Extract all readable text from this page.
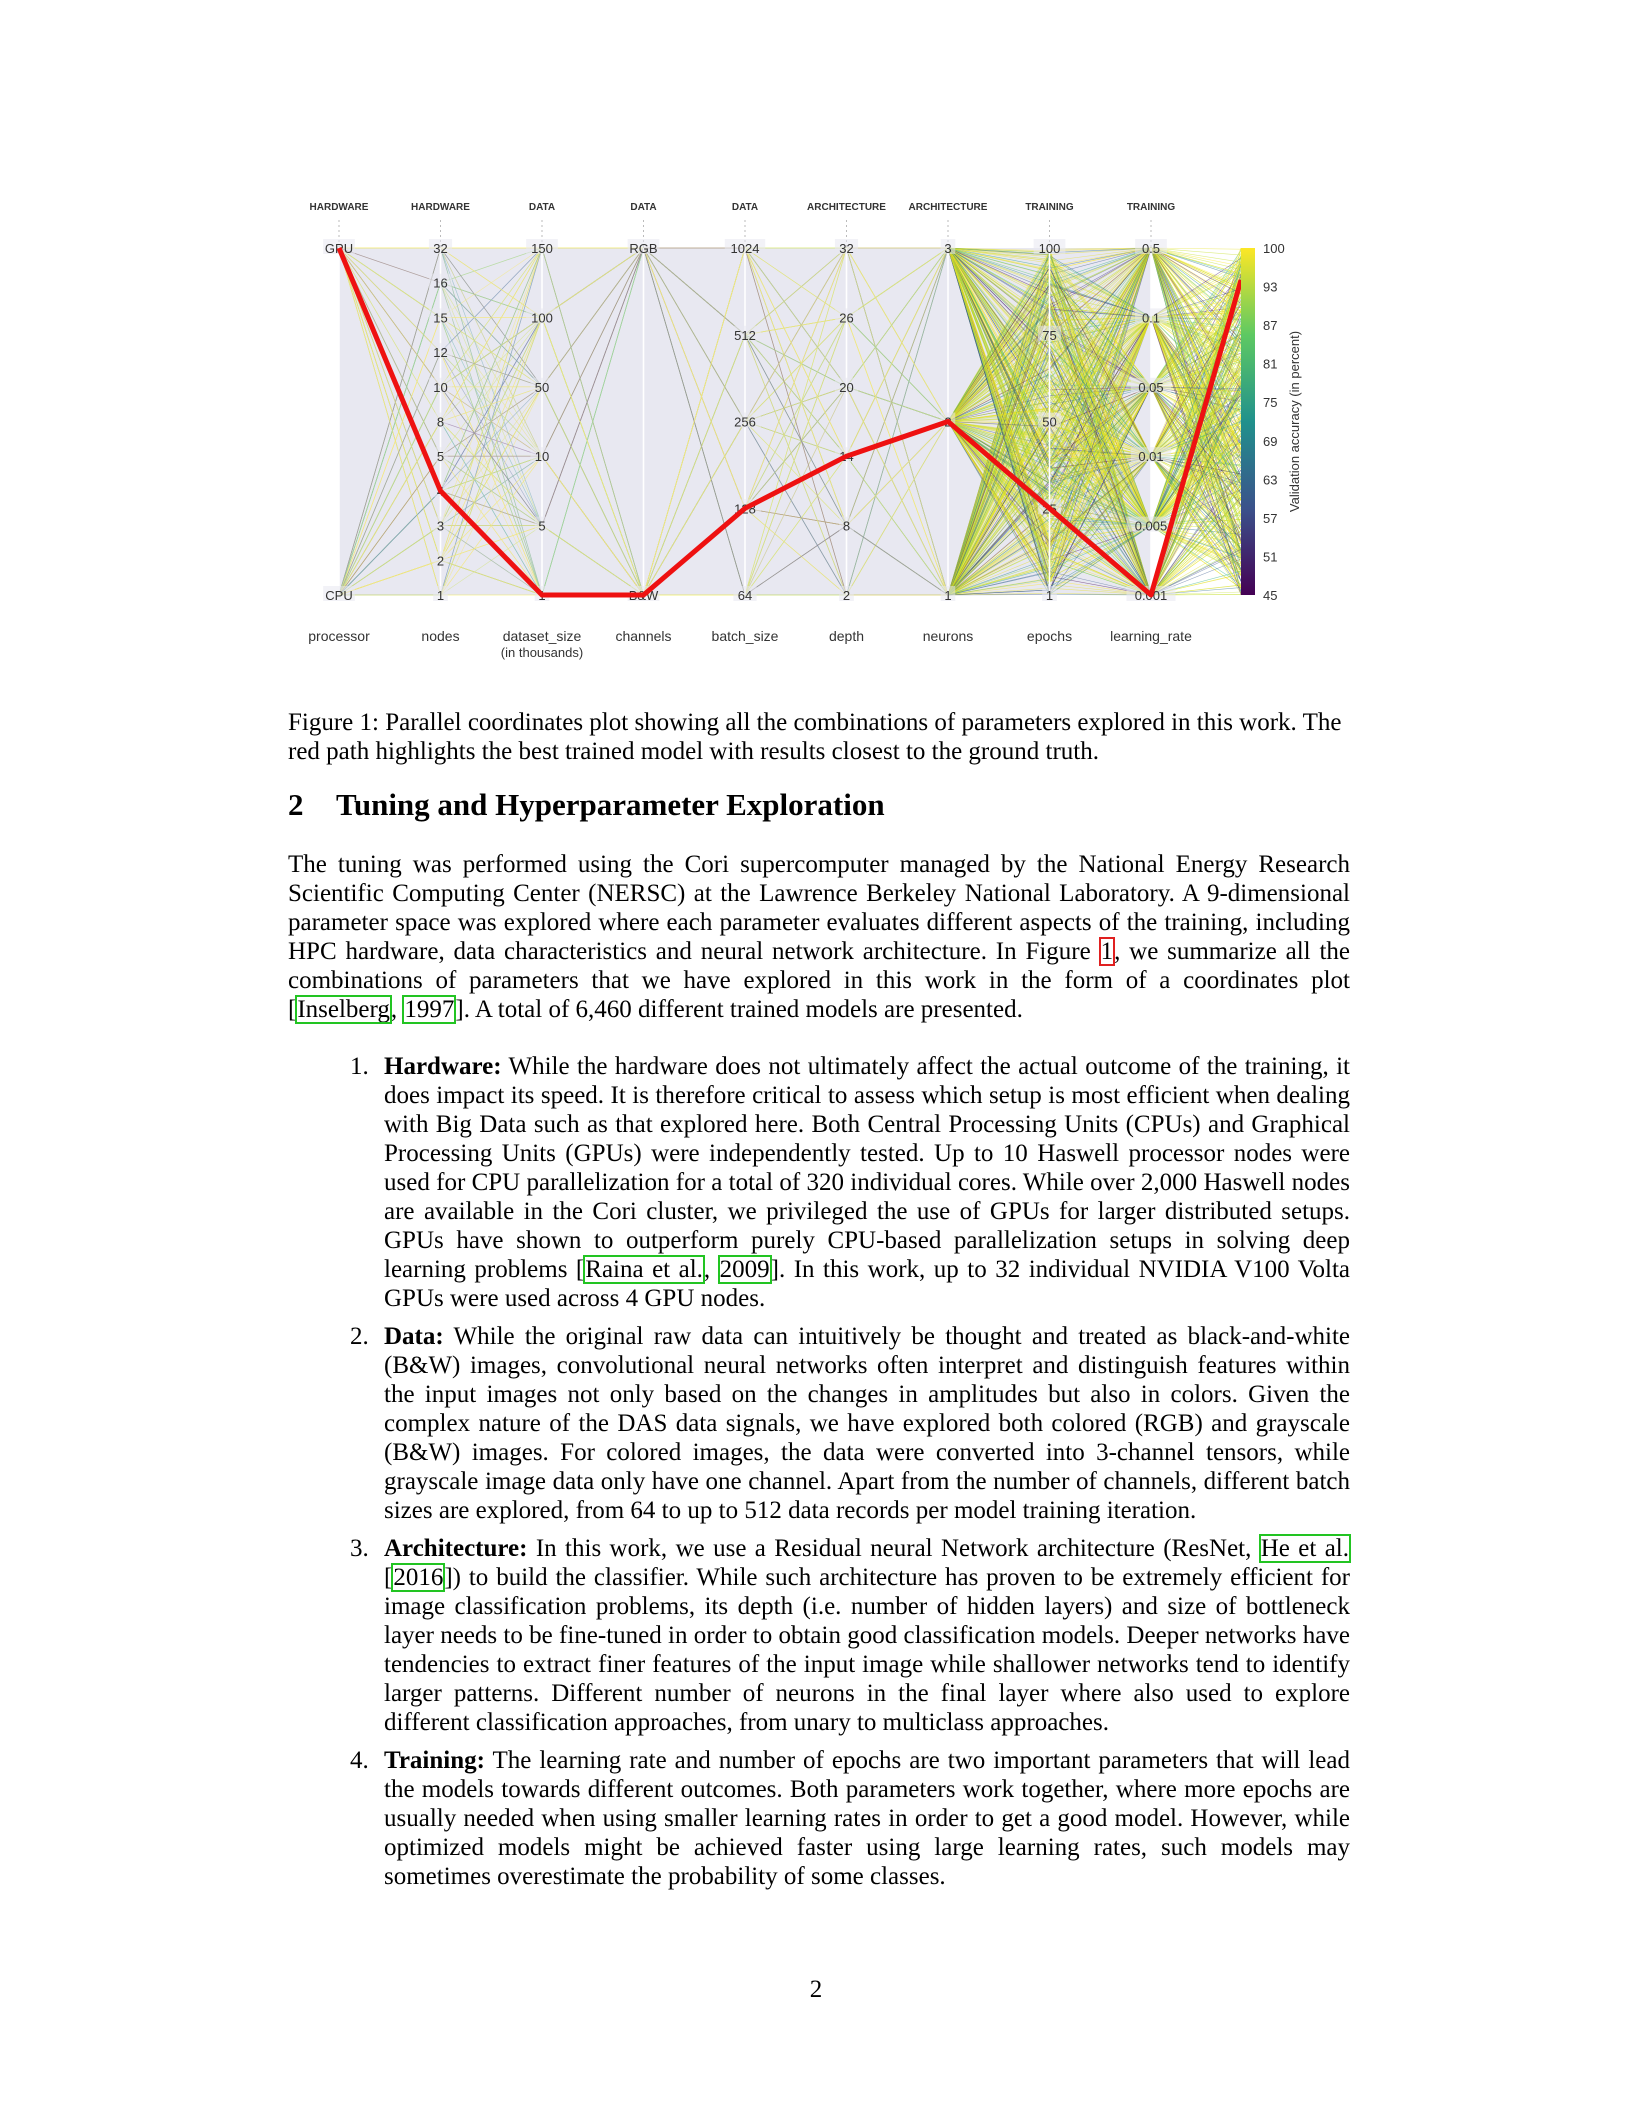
HARDWARE
processor
GPU
CPU
HARDWARE
nodes
32
16
15
12
10
8
5
4
3
2
1
DATA
dataset_size
(in thousands)
150
100
50
10
5
1
DATA
channels
RGB
B&W
DATA
batch_size
1024
512
256
128
64
ARCHITECTURE
depth
32
26
20
14
8
2
ARCHITECTURE
neurons
3
2
1
TRAINING
epochs
100
75
50
25
1
TRAINING
learning_rate
0.5
0.1
0.05
0.01
0.005
0.001
100
93
87
81
75
69
63
57
51
45
Validation accuracy (in percent)
Figure 1: Parallel coordinates plot showing all the combinations of parameters explored in this work. The red path highlights the best trained model with results closest to the ground truth.
2 Tuning and Hyperparameter Exploration
The tuning was performed using the Cori supercomputer managed by the National Energy Research Scientific Computing Center (NERSC) at the Lawrence Berkeley National Laboratory. A 9-dimensional parameter space was explored where each parameter evaluates different aspects of the training, including HPC hardware, data characteristics and neural network architecture. In Figure 1, we summarize all the combinations of parameters that we have explored in this work in the form of a coordinates plot [Inselberg, 1997]. A total of 6,460 different trained models are presented.
1. Hardware: While the hardware does not ultimately affect the actual outcome of the training, it does impact its speed. It is therefore critical to assess which setup is most efficient when dealing with Big Data such as that explored here. Both Central Processing Units (CPUs) and Graphical Processing Units (GPUs) were independently tested. Up to 10 Haswell processor nodes were used for CPU parallelization for a total of 320 individual cores. While over 2,000 Haswell nodes are available in the Cori cluster, we privileged the use of GPUs for larger distributed setups. GPUs have shown to outperform purely CPU-based parallelization setups in solving deep learning problems [Raina et al., 2009]. In this work, up to 32 individual NVIDIA V100 Volta GPUs were used across 4 GPU nodes.
2. Data: While the original raw data can intuitively be thought and treated as black-and-white (B&W) images, convolutional neural networks often interpret and distinguish features within the input images not only based on the changes in amplitudes but also in colors. Given the complex nature of the DAS data signals, we have explored both colored (RGB) and grayscale (B&W) images. For colored images, the data were converted into 3-channel tensors, while grayscale image data only have one channel. Apart from the number of channels, different batch sizes are explored, from 64 to up to 512 data records per model training iteration.
3. Architecture: In this work, we use a Residual neural Network architecture (ResNet, He et al. [2016]) to build the classifier. While such architecture has proven to be extremely efficient for image classification problems, its depth (i.e. number of hidden layers) and size of bottleneck layer needs to be fine-tuned in order to obtain good classification models. Deeper networks have tendencies to extract finer features of the input image while shallower networks tend to identify larger patterns. Different number of neurons in the final layer where also used to explore different classification approaches, from unary to multiclass approaches.
4. Training: The learning rate and number of epochs are two important parameters that will lead the models towards different outcomes. Both parameters work together, where more epochs are usually needed when using smaller learning rates in order to get a good model. However, while optimized models might be achieved faster using large learning rates, such models may sometimes overestimate the probability of some classes.
2
